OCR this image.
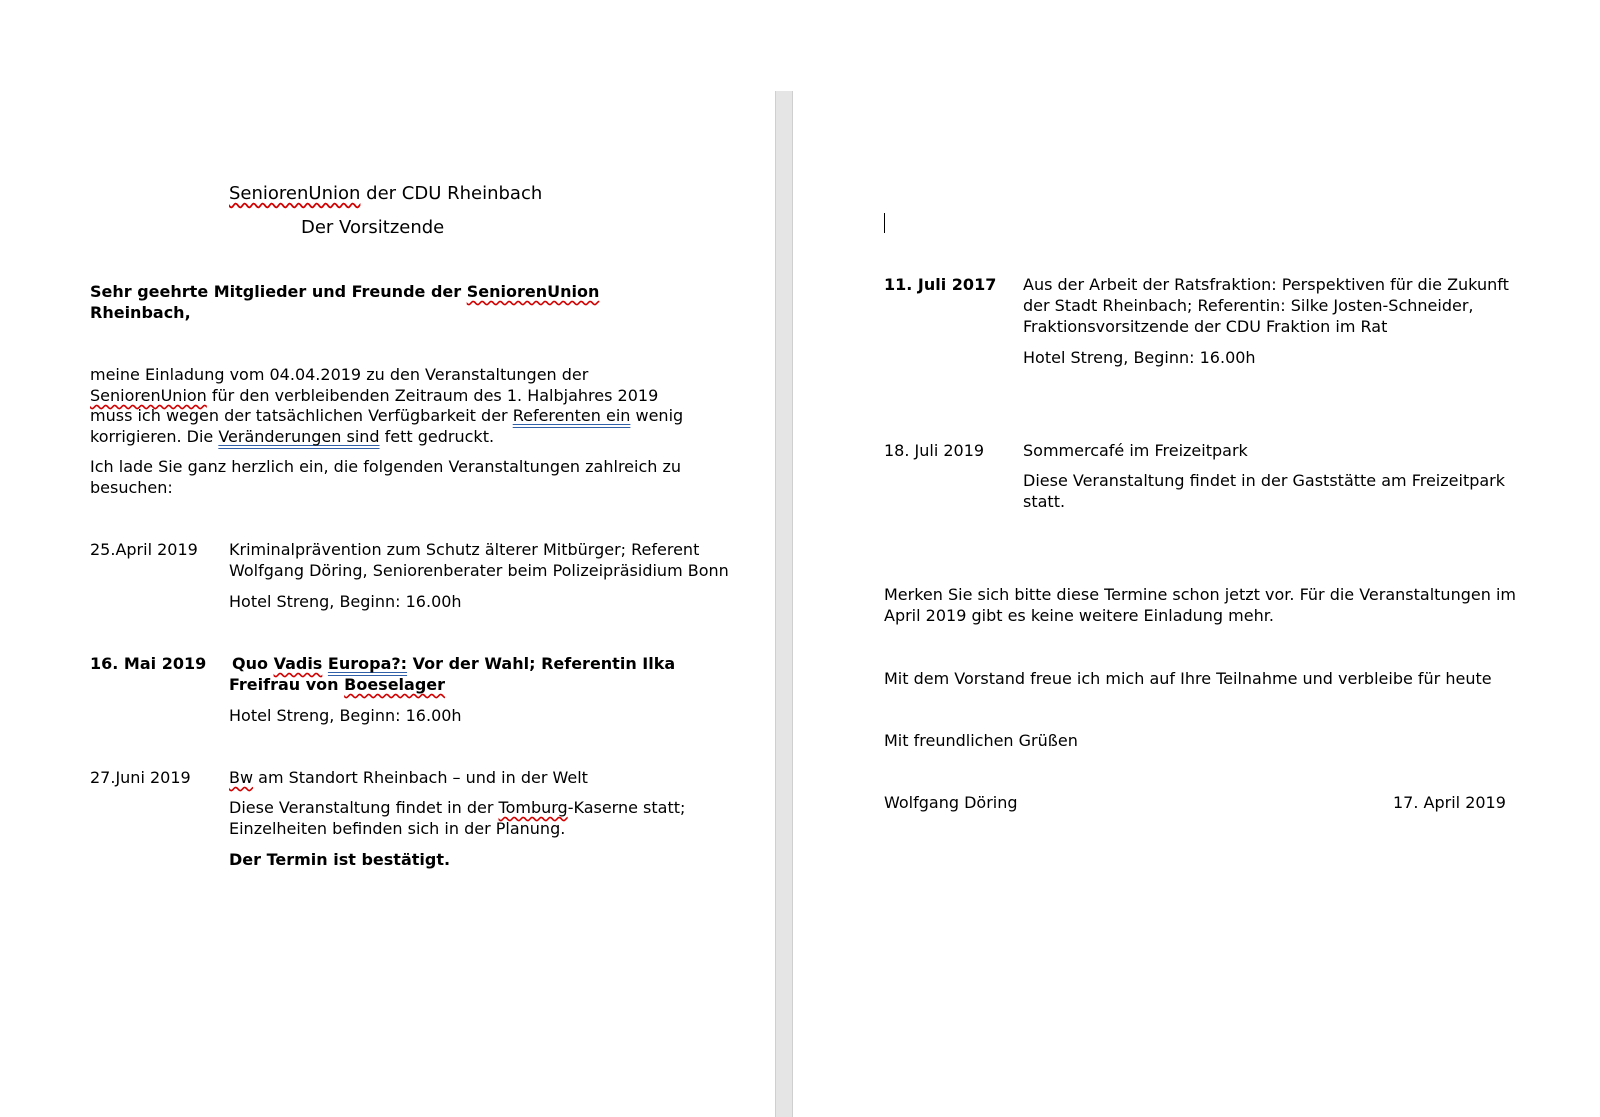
SeniorenUnion der CDU Rheinbach
Der Vorsitzende
Sehr geehrte Mitglieder und Freunde der SeniorenUnion
Rheinbach,
meine Einladung vom 04.04.2019 zu den Veranstaltungen der
SeniorenUnion für den verbleibenden Zeitraum des 1. Halbjahres 2019
muss ich wegen der tatsächlichen Verfügbarkeit der Referenten ein wenig
korrigieren. Die Veränderungen sind fett gedruckt.
Ich lade Sie ganz herzlich ein, die folgenden Veranstaltungen zahlreich zu
besuchen:
25.April 2019 Kriminalprävention zum Schutz älterer Mitbürger; Referent
Wolfgang Döring, Seniorenberater beim Polizeipräsidium Bonn
Hotel Streng, Beginn: 16.00h
16. Mai 2019 Quo Vadis Europa?: Vor der Wahl; Referentin Ilka
Freifrau von Boeselager
Hotel Streng, Beginn: 16.00h
27.Juni 2019 Bw am Standort Rheinbach – und in der Welt
Diese Veranstaltung findet in der Tomburg-Kaserne statt;
Einzelheiten befinden sich in der Planung.
Der Termin ist bestätigt.
11. Juli 2017 Aus der Arbeit der Ratsfraktion: Perspektiven für die Zukunft
der Stadt Rheinbach; Referentin: Silke Josten-Schneider,
Fraktionsvorsitzende der CDU Fraktion im Rat
Hotel Streng, Beginn: 16.00h
18. Juli 2019 Sommercafé im Freizeitpark
Diese Veranstaltung findet in der Gaststätte am Freizeitpark
statt.
Merken Sie sich bitte diese Termine schon jetzt vor. Für die Veranstaltungen im
April 2019 gibt es keine weitere Einladung mehr.
Mit dem Vorstand freue ich mich auf Ihre Teilnahme und verbleibe für heute
Mit freundlichen Grüßen
Wolfgang Döring	17. April 2019
